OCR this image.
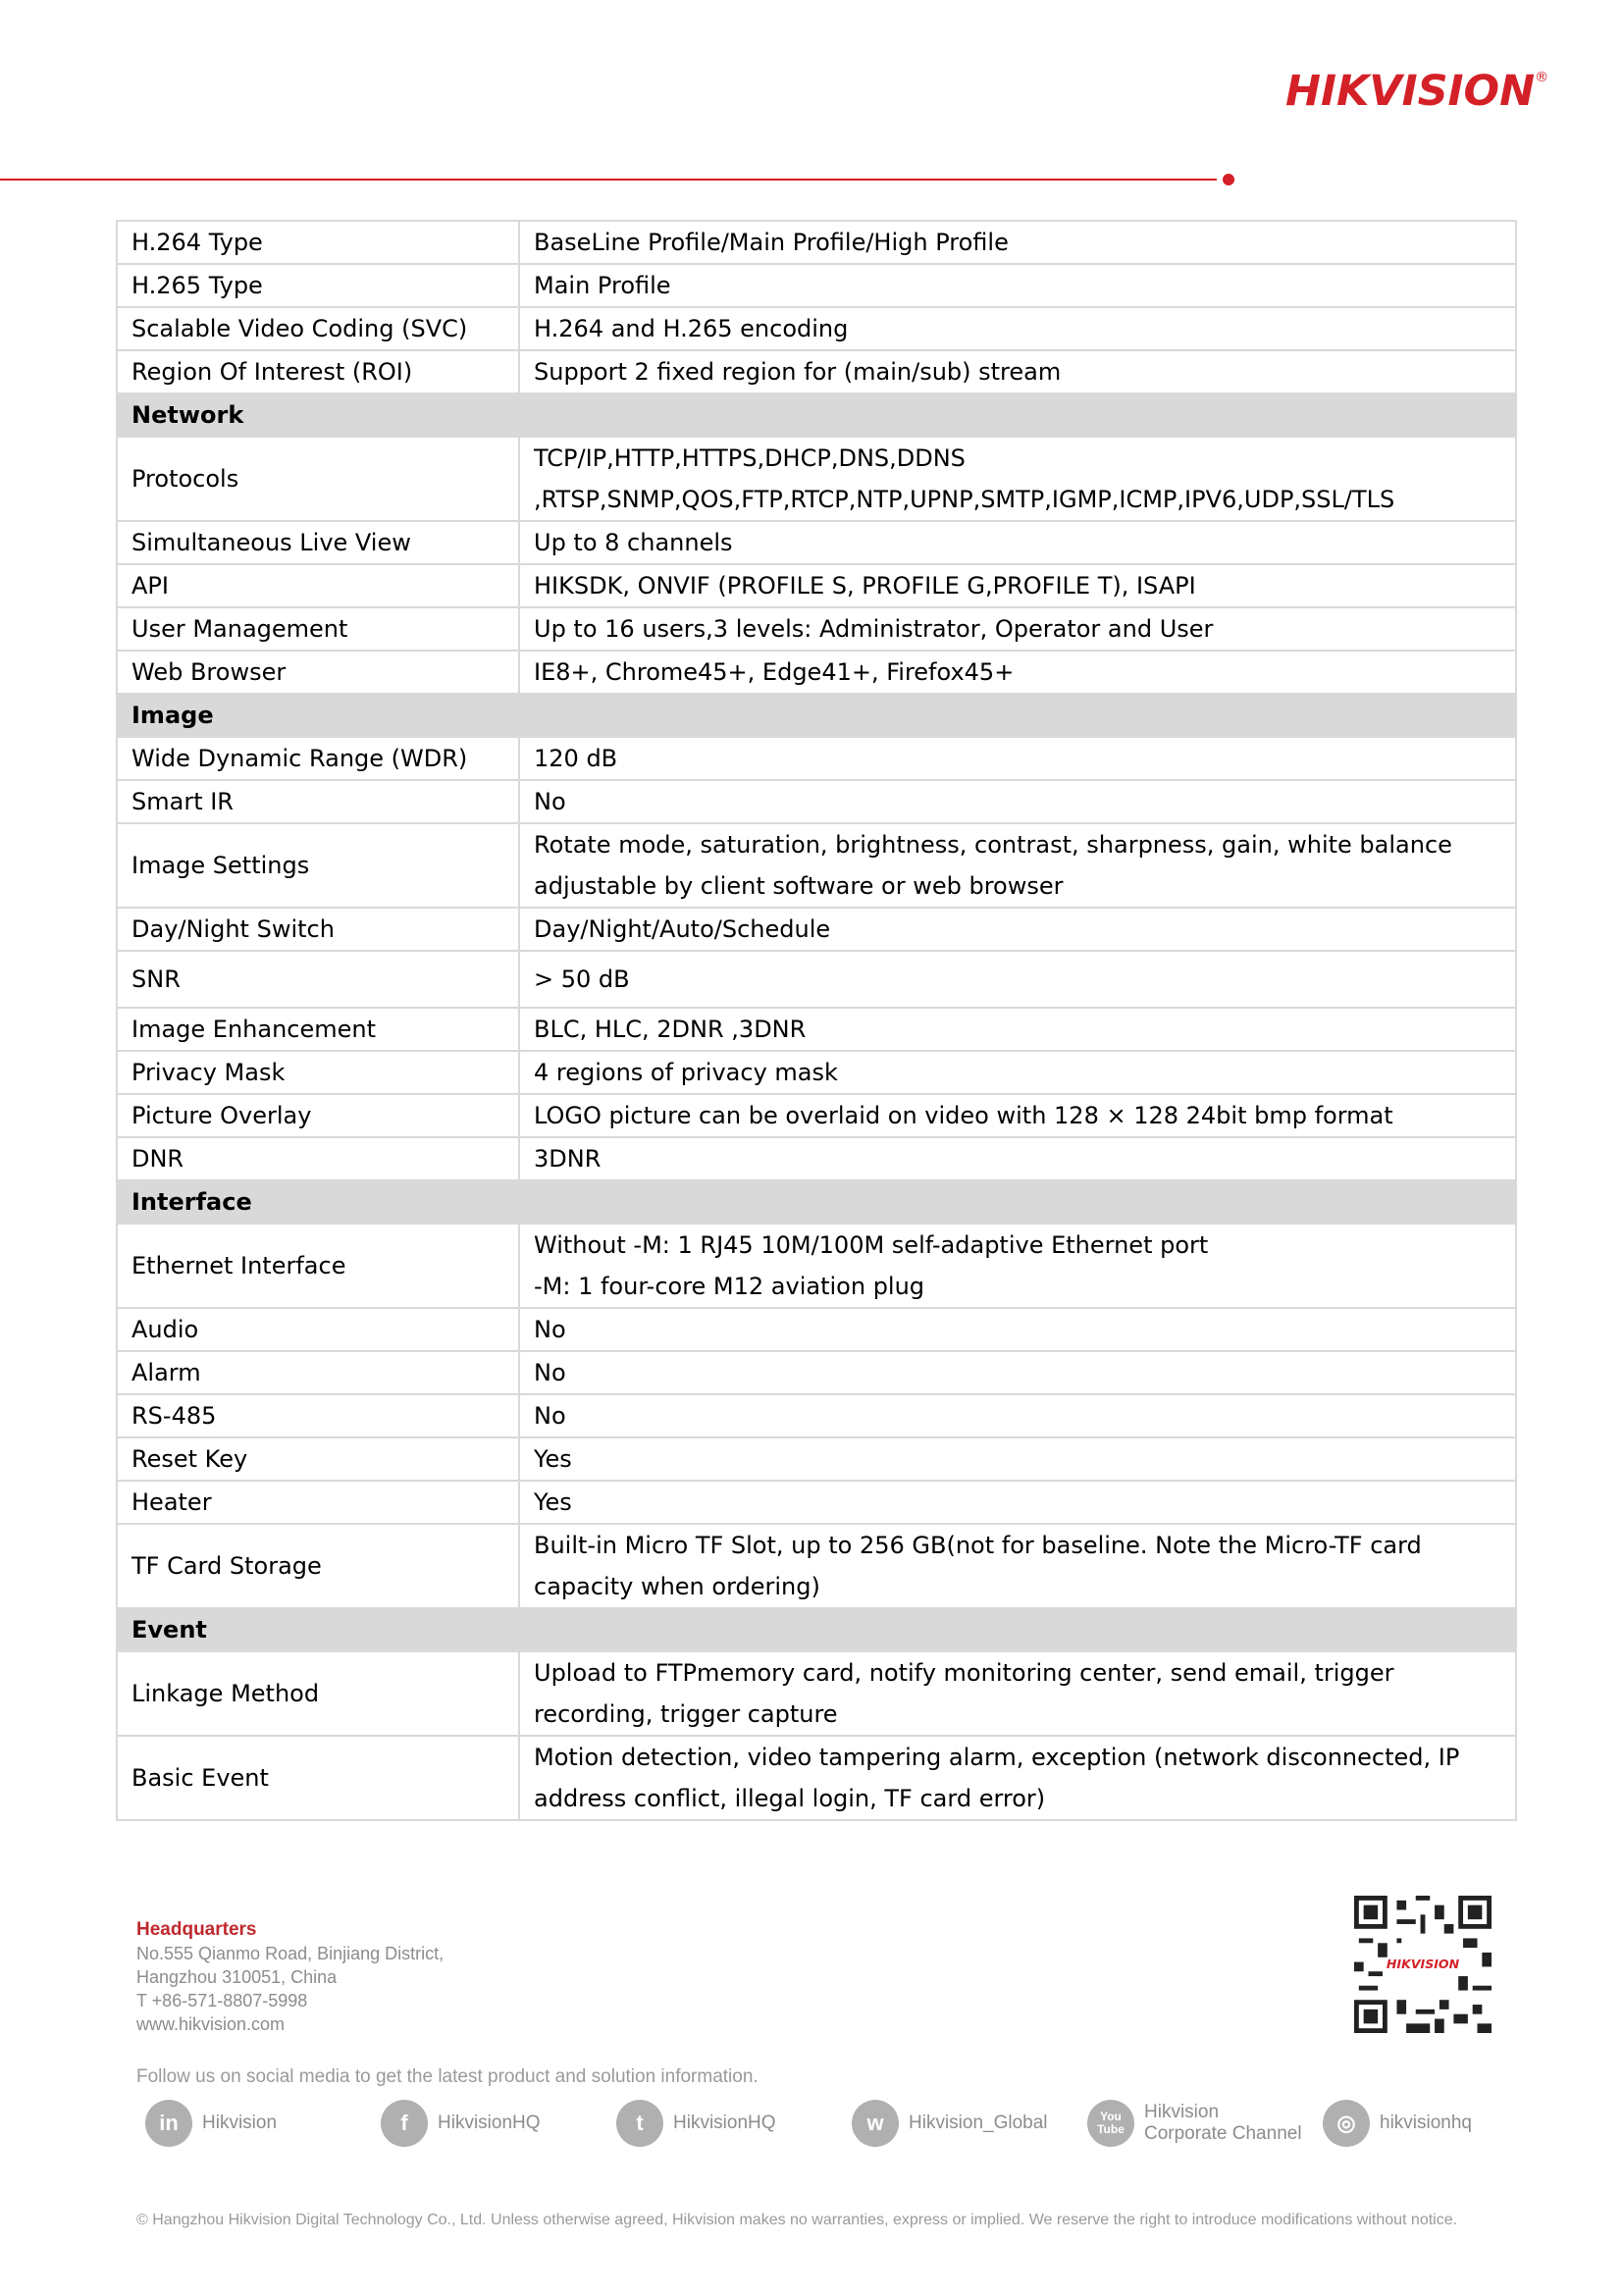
HIKVISION®
H.264 Type	BaseLine Profile/Main Profile/High Profile
H.265 Type	Main Profile
Scalable Video Coding (SVC)	H.264 and H.265 encoding
Region Of Interest (ROI)	Support 2 fixed region for (main/sub) stream
Network	
Protocols	TCP/IP,HTTP,HTTPS,DHCP,DNS,DDNS ,RTSP,SNMP,QOS,FTP,RTCP,NTP,UPNP,SMTP,IGMP,ICMP,IPV6,UDP,SSL/TLS
Simultaneous Live View	Up to 8 channels
API	HIKSDK, ONVIF (PROFILE S, PROFILE G,PROFILE T), ISAPI
User Management	Up to 16 users,3 levels: Administrator, Operator and User
Web Browser	IE8+, Chrome45+, Edge41+, Firefox45+
Image	
Wide Dynamic Range (WDR)	120 dB
Smart IR	No
Image Settings	Rotate mode, saturation, brightness, contrast, sharpness, gain, white balance adjustable by client software or web browser
Day/Night Switch	Day/Night/Auto/Schedule
SNR	> 50 dB
Image Enhancement	BLC, HLC, 2DNR ,3DNR
Privacy Mask	4 regions of privacy mask
Picture Overlay	LOGO picture can be overlaid on video with 128 × 128 24bit bmp format
DNR	3DNR
Interface	
Ethernet Interface	Without -M: 1 RJ45 10M/100M self-adaptive Ethernet port
-M: 1 four-core M12 aviation plug

Audio	No
Alarm	No
RS-485	No
Reset Key	Yes
Heater	Yes
TF Card Storage	Built-in Micro TF Slot, up to 256 GB(not for baseline. Note the Micro-TF card capacity when ordering)
Event	
Linkage Method	Upload to FTPmemory card, notify monitoring center, send email, trigger recording, trigger capture
Basic Event	Motion detection, video tampering alarm, exception (network disconnected, IP address conflict, illegal login, TF card error)
Headquarters
No.555 Qianmo Road, Binjiang District,
Hangzhou 310051, China
T +86-571-8807-5998
www.hikvision.com
HIKVISION
Follow us on social media to get the latest product and solution information.
in	Hikvision	f	HikvisionHQ	t	HikvisionHQ	w	Hikvision_Global	You Tube
Hikvision
Corporate Channel	◎	hikvisionhq
© Hangzhou Hikvision Digital Technology Co., Ltd. Unless otherwise agreed, Hikvision makes no warranties, express or implied. We reserve the right to introduce modifications without notice.
